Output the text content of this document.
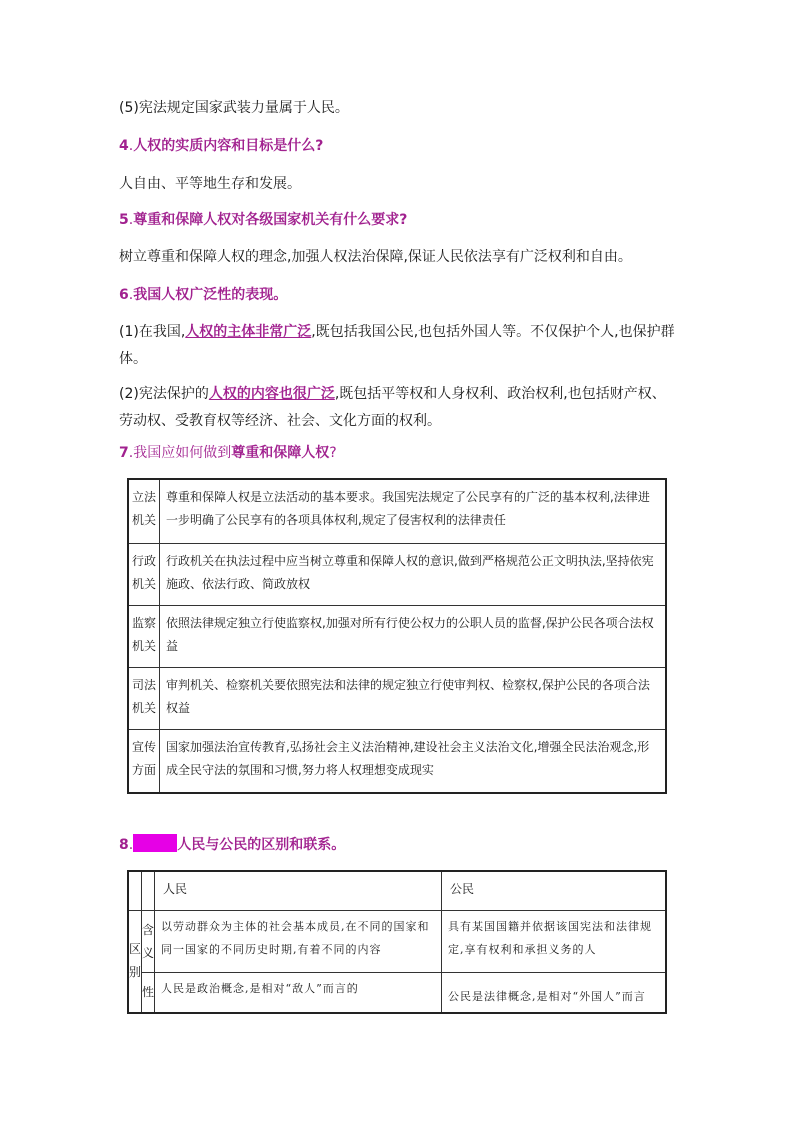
(5)宪法规定国家武装力量属于人民。

4.人权的实质内容和目标是什么?

人自由、平等地生存和发展。

5.尊重和保障人权对各级国家机关有什么要求?

树立尊重和保障人权的理念,加强人权法治保障,保证人民依法享有广泛权利和自由。

6.我国人权广泛性的表现。

(1)在我国,人权的主体非常广泛,既包括我国公民,也包括外国人等。不仅保护个人,也保护群体。

(2)宪法保护的人权的内容也很广泛,既包括平等权和人身权利、政治权利,也包括财产权、劳动权、受教育权等经济、社会、文化方面的权利。

7.我国应如何做到尊重和保障人权?

立法机关	尊重和保障人权是立法活动的基本要求。我国宪法规定了公民享有的广泛的基本权利,法律进一步明确了公民享有的各项具体权利,规定了侵害权利的法律责任
行政机关	行政机关在执法过程中应当树立尊重和保障人权的意识,做到严格规范公正文明执法,坚持依宪施政、依法行政、简政放权
监察机关	依照法律规定独立行使监察权,加强对所有行使公权力的公职人员的监督,保护公民各项合法权益
司法机关	审判机关、检察机关要依照宪法和法律的规定独立行使审判权、检察权,保护公民的各项合法权益
宣传方面	国家加强法治宣传教育,弘扬社会主义法治精神,建设社会主义法治文化,增强全民法治观念,形成全民守法的氛围和习惯,努力将人权理想变成现实

8.	人民与公民的区别和联系。

		人民	公民
区别	含义	以劳动群众为主体的社会基本成员,在不同的国家和同一国家的不同历史时期,有着不同的内容	具有某国国籍并依据该国宪法和法律规定,享有权利和承担义务的人
	性	人民是政治概念,是相对“敌人”而言的	公民是法律概念,是相对“外国人”而言
